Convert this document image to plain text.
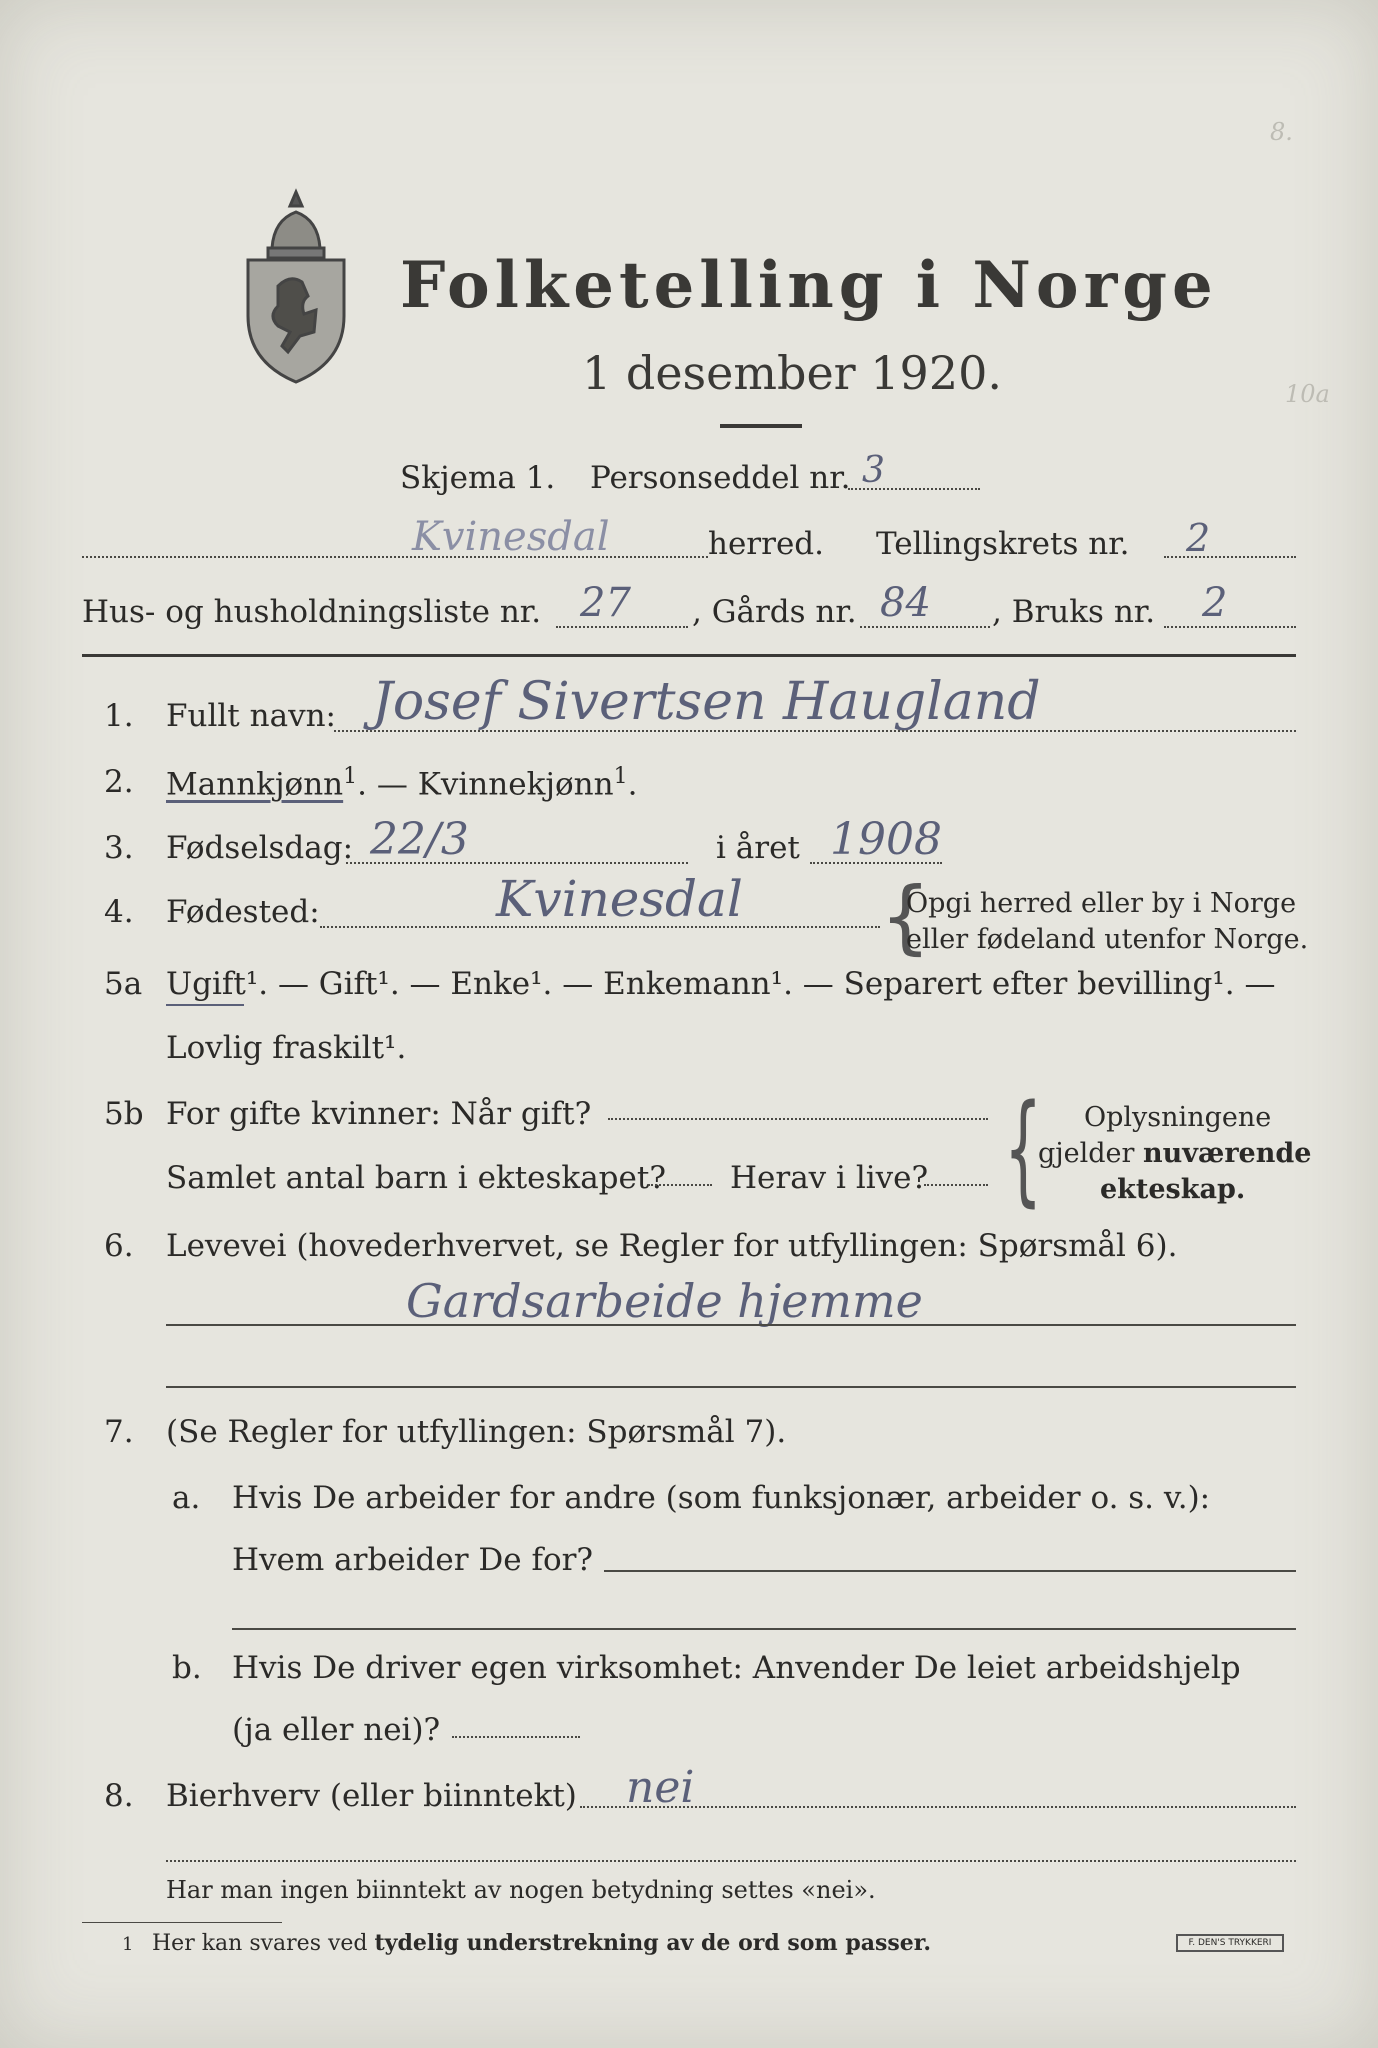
8.
10a
Folketelling i Norge
1 desember 1920.
Skjema 1. Personseddel nr. 3
Kvinesdal	herred. Tellingskrets nr. 2
Hus- og husholdningsliste nr. 27 , Gårds nr. 84 , Bruks nr. 2
1. Fullt navn: Josef Sivertsen Haugland
2. Mannkjønn$^1$. — Kvinnekjønn$^1$.
3. Fødselsdag: 22/3	i året 1908
4. Fødested:	Kvinesdal {
Opgi herred eller by i Norge
eller fødeland utenfor Norge.
5a Ugift¹. — Gift¹. — Enke¹. — Enkemann¹. — Separert efter bevilling¹. —
Lovlig fraskilt¹.
5b For gifte kvinner: Når gift?
Samlet antal barn i ekteskapet? Herav i live? { Oplysningene
gjelder nuværende
ekteskap.
6. Levevei (hovederhvervet, se Regler for utfyllingen: Spørsmål 6).
Gardsarbeide hjemme
7. (Se Regler for utfyllingen: Spørsmål 7).
a. Hvis De arbeider for andre (som funksjonær, arbeider o. s. v.):
Hvem arbeider De for?
b. Hvis De driver egen virksomhet: Anvender De leiet arbeidshjelp
(ja eller nei)?
8. Bierhverv (eller biinntekt) nei
Har man ingen biinntekt av nogen betydning settes «nei».
1 Her kan svares ved tydelig understrekning av de ord som passer.	F. DEN'S TRYKKERI
